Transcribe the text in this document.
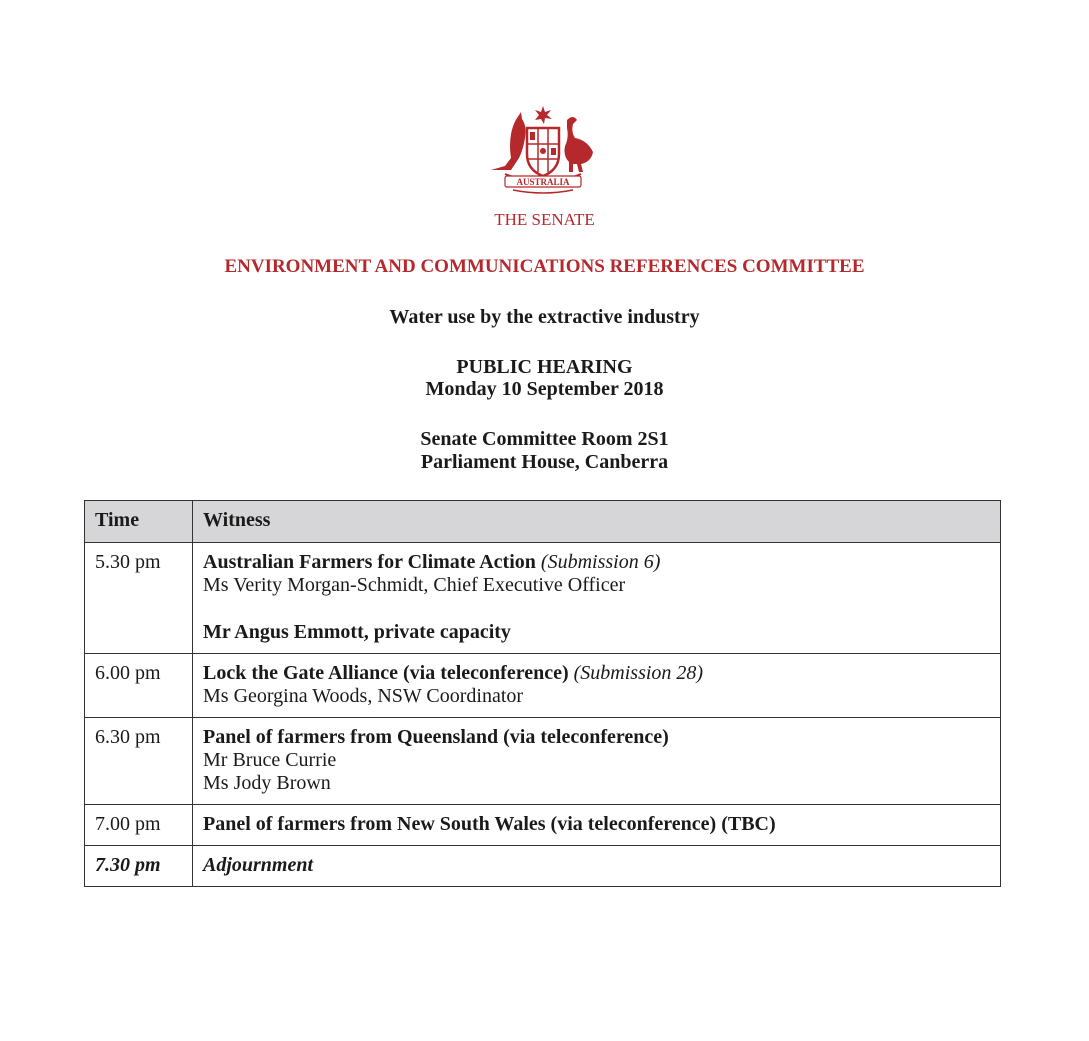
AUSTRALIA
THE SENATE
ENVIRONMENT AND COMMUNICATIONS REFERENCES COMMITTEE
Water use by the extractive industry
PUBLIC HEARING
Monday 10 September 2018
Senate Committee Room 2S1
Parliament House, Canberra
Time	Witness
5.30 pm	Australian Farmers for Climate Action (Submission 6)
Ms Verity Morgan-Schmidt, Chief Executive Officer
Mr Angus Emmott, private capacity

6.00 pm	Lock the Gate Alliance (via teleconference) (Submission 28)
Ms Georgina Woods, NSW Coordinator

6.30 pm	Panel of farmers from Queensland (via teleconference)
Mr Bruce Currie
Ms Jody Brown

7.00 pm	Panel of farmers from New South Wales (via teleconference) (TBC)

7.30 pm	Adjournment
